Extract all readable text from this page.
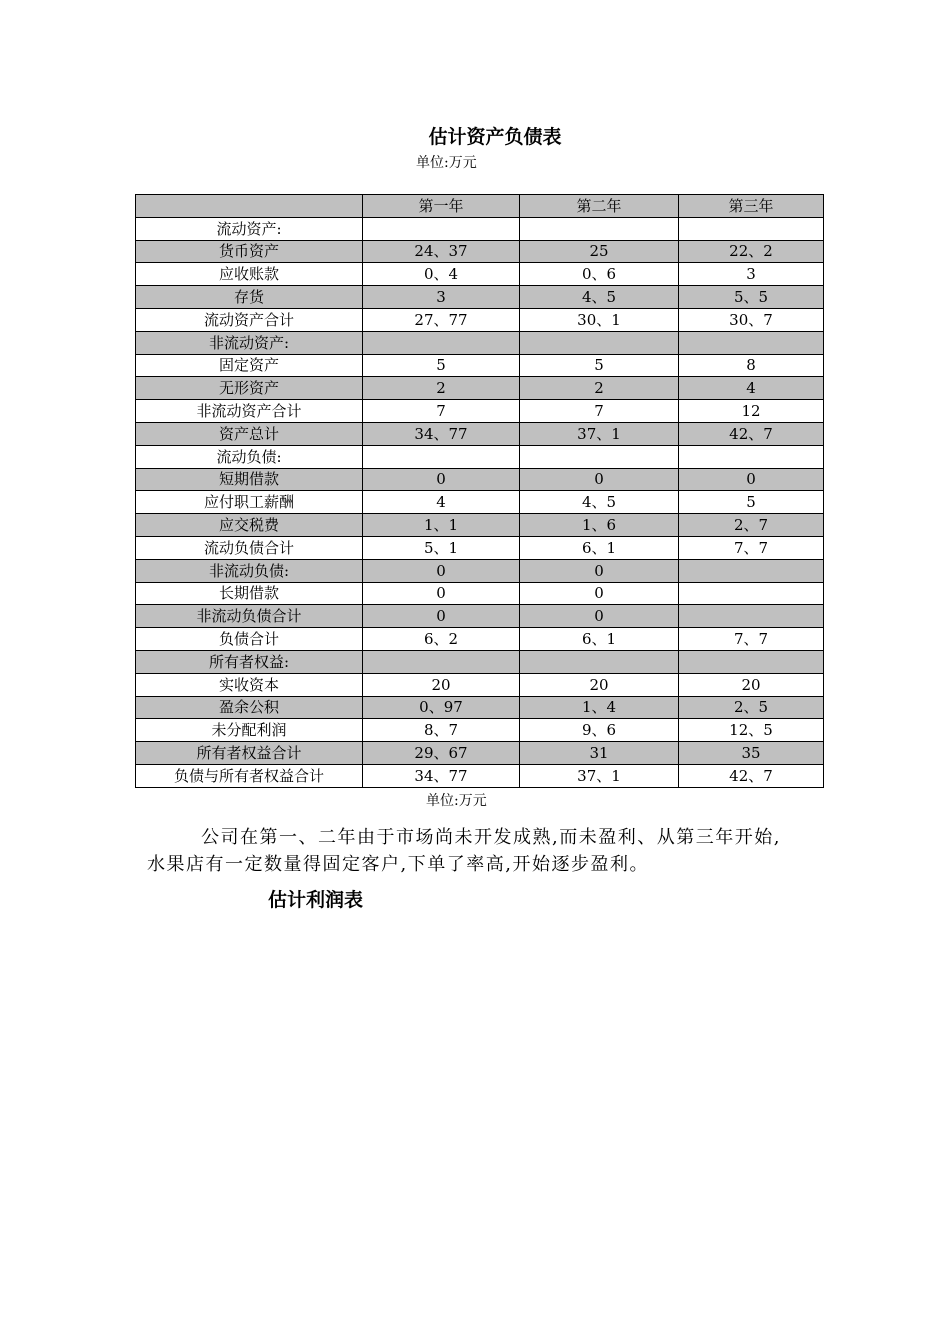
估计资产负债表
单位:万元
	第一年	第二年	第三年
流动资产:			
货币资产	24、37	25	22、2
应收账款	0、4	0、6	3
存货	3	4、5	5、5
流动资产合计	27、77	30、1	30、7
非流动资产:			
固定资产	5	5	8
无形资产	2	2	4
非流动资产合计	7	7	12
资产总计	34、77	37、1	42、7
流动负债:			
短期借款	0	0	0
应付职工薪酬	4	4、5	5
应交税费	1、1	1、6	2、7
流动负债合计	5、1	6、1	7、7
非流动负债:	0	0	
长期借款	0	0	
非流动负债合计	0	0	
负债合计	6、2	6、1	7、7
所有者权益:			
实收资本	20	20	20
盈余公积	0、97	1、4	2、5
未分配利润	8、7	9、6	12、5
所有者权益合计	29、67	31	35
负债与所有者权益合计	34、77	37、1	42、7
单位:万元
公司在第一、二年由于市场尚未开发成熟,而未盈利、从第三年开始,水果店有一定数量得固定客户,下单了率高,开始逐步盈利。
估计利润表
